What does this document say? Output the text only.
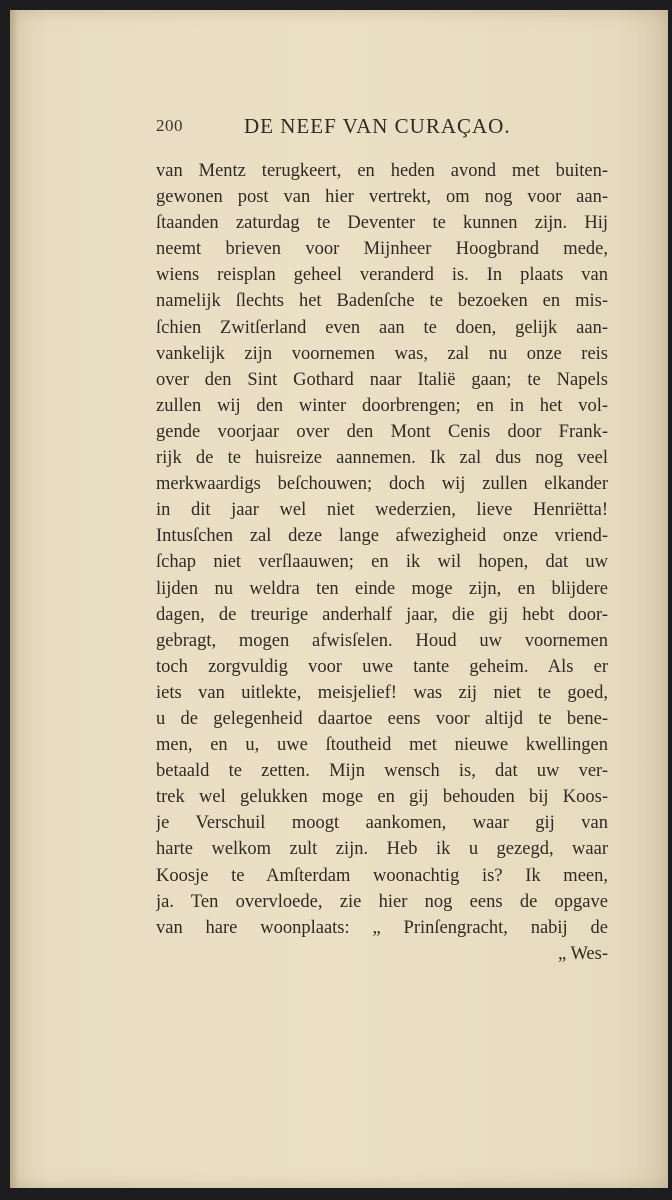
200	DE NEEF VAN CURAÇAO.
van Mentz terugkeert, en heden avond met buiten-
gewonen post van hier vertrekt, om nog voor aan-
ſtaanden zaturdag te Deventer te kunnen zijn. Hij
neemt brieven voor Mijnheer Hoogbrand mede,
wiens reisplan geheel veranderd is. In plaats van
namelijk ſlechts het Badenſche te bezoeken en mis-
ſchien Zwitſerland even aan te doen, gelijk aan-
vankelijk zijn voornemen was, zal nu onze reis
over den Sint Gothard naar Italië gaan; te Napels
zullen wij den winter doorbrengen; en in het vol-
gende voorjaar over den Mont Cenis door Frank-
rijk de te huisreize aannemen. Ik zal dus nog veel
merkwaardigs beſchouwen; doch wij zullen elkander
in dit jaar wel niet wederzien, lieve Henriëtta!
Intusſchen zal deze lange afwezigheid onze vriend-
ſchap niet verſlaauwen; en ik wil hopen, dat uw
lijden nu weldra ten einde moge zijn, en blijdere
dagen, de treurige anderhalf jaar, die gij hebt door-
gebragt, mogen afwisſelen. Houd uw voornemen
toch zorgvuldig voor uwe tante geheim. Als er
iets van uitlekte, meisjelief! was zij niet te goed,
u de gelegenheid daartoe eens voor altijd te bene-
men, en u, uwe ſtoutheid met nieuwe kwellingen
betaald te zetten. Mijn wensch is, dat uw ver-
trek wel gelukken moge en gij behouden bij Koos-
je Verschuil moogt aankomen, waar gij van
harte welkom zult zijn. Heb ik u gezegd, waar
Koosje te Amſterdam woonachtig is? Ik meen,
ja. Ten overvloede, zie hier nog eens de opgave
van hare woonplaats: „ Prinſengracht, nabij de
„ Wes-
